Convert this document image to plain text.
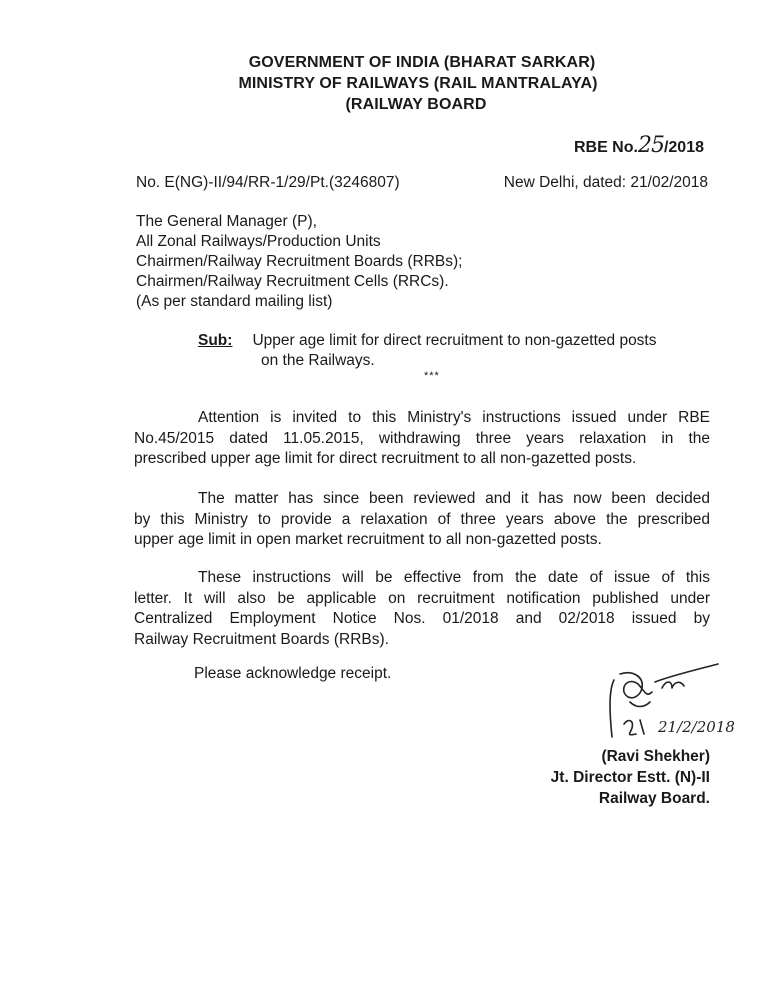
GOVERNMENT OF INDIA (BHARAT SARKAR)
MINISTRY OF RAILWAYS (RAIL MANTRALAYA)
(RAILWAY BOARD
RBE No.25/2018
No. E(NG)-II/94/RR-1/29/Pt.(3246807)	New Delhi, dated: 21/02/2018
The General Manager (P),
All Zonal Railways/Production Units
Chairmen/Railway Recruitment Boards (RRBs);
Chairmen/Railway Recruitment Cells (RRCs).
(As per standard mailing list)
Sub: Upper age limit for direct recruitment to non-gazetted posts
on the Railways.
***
Attention is invited to this Ministry's instructions issued under RBE
No.45/2015 dated 11.05.2015, withdrawing three years relaxation in the
prescribed upper age limit for direct recruitment to all non-gazetted posts.
The matter has since been reviewed and it has now been decided
by this Ministry to provide a relaxation of three years above the prescribed
upper age limit in open market recruitment to all non-gazetted posts.
These instructions will be effective from the date of issue of this
letter. It will also be applicable on recruitment notification published under
Centralized Employment Notice Nos. 01/2018 and 02/2018 issued by
Railway Recruitment Boards (RRBs).
Please acknowledge receipt.
21/2/2018
(Ravi Shekher)
Jt. Director Estt. (N)-II
Railway Board.
